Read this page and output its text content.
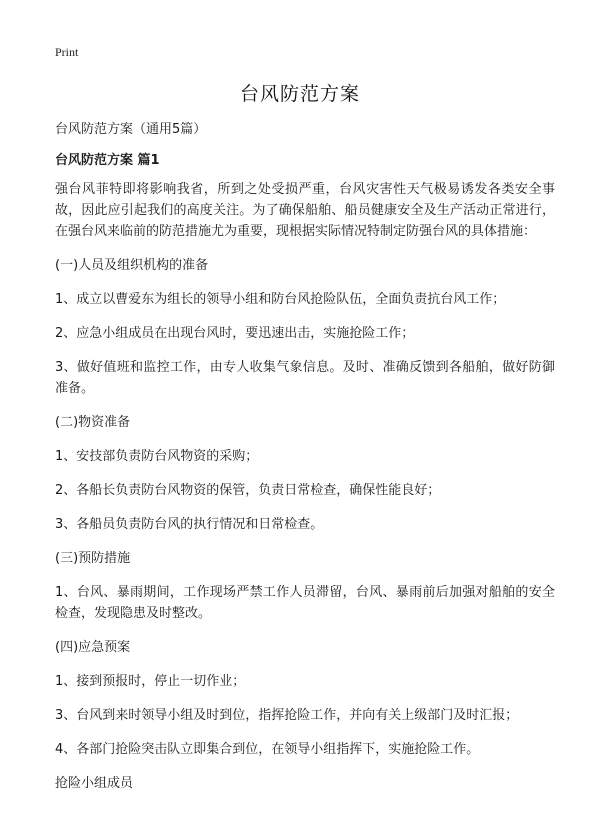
Print
台风防范方案

台风防范方案（通用5篇）

台风防范方案 篇1

强台风菲特即将影响我省，所到之处受损严重，台风灾害性天气极易诱发各类安全事故，因此应引起我们的高度关注。为了确保船舶、船员健康安全及生产活动正常进行，在强台风来临前的防范措施尤为重要，现根据实际情况特制定防强台风的具体措施：

(一)人员及组织机构的准备

1、成立以曹爱东为组长的领导小组和防台风抢险队伍，全面负责抗台风工作；

2、应急小组成员在出现台风时，要迅速出击，实施抢险工作；

3、做好值班和监控工作，由专人收集气象信息。及时、准确反馈到各船舶，做好防御准备。

(二)物资准备

1、安技部负责防台风物资的采购；

2、各船长负责防台风物资的保管，负责日常检查，确保性能良好；

3、各船员负责防台风的执行情况和日常检查。

(三)预防措施

1、台风、暴雨期间，工作现场严禁工作人员滞留，台风、暴雨前后加强对船舶的安全检查，发现隐患及时整改。

(四)应急预案

1、接到预报时，停止一切作业；

3、台风到来时领导小组及时到位，指挥抢险工作，并向有关上级部门及时汇报；

4、各部门抢险突击队立即集合到位，在领导小组指挥下，实施抢险工作。

抢险小组成员
